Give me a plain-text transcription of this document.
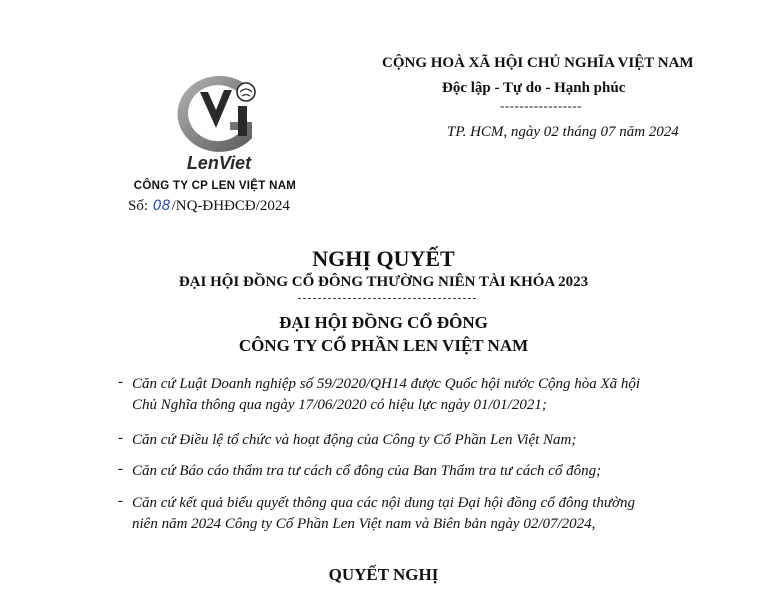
LenViet
CÔNG TY CP LEN VIỆT NAM
Số: 08/NQ-ĐHĐCĐ/2024
CỘNG HOÀ XÃ HỘI CHỦ NGHĨA VIỆT NAM
Độc lập - Tự do - Hạnh phúc
-----------------
TP. HCM, ngày 02 tháng 07 năm 2024
NGHỊ QUYẾT
ĐẠI HỘI ĐỒNG CỔ ĐÔNG THƯỜNG NIÊN TÀI KHÓA 2023
ĐẠI HỘI ĐỒNG CỔ ĐÔNG
CÔNG TY CỔ PHẦN LEN VIỆT NAM
- Căn cứ Luật Doanh nghiệp số 59/2020/QH14 được Quốc hội nước Cộng hòa Xã hội
Chủ Nghĩa thông qua ngày 17/06/2020 có hiệu lực ngày 01/01/2021;
- Căn cứ Điều lệ tổ chức và hoạt động của Công ty Cổ Phần Len Việt Nam;
- Căn cứ Báo cáo thẩm tra tư cách cổ đông của Ban Thẩm tra tư cách cổ đông;
- Căn cứ kết quả biểu quyết thông qua các nội dung tại Đại hội đồng cổ đông thường
niên năm 2024 Công ty Cổ Phần Len Việt nam và Biên bản ngày 02/07/2024,
QUYẾT NGHỊ
